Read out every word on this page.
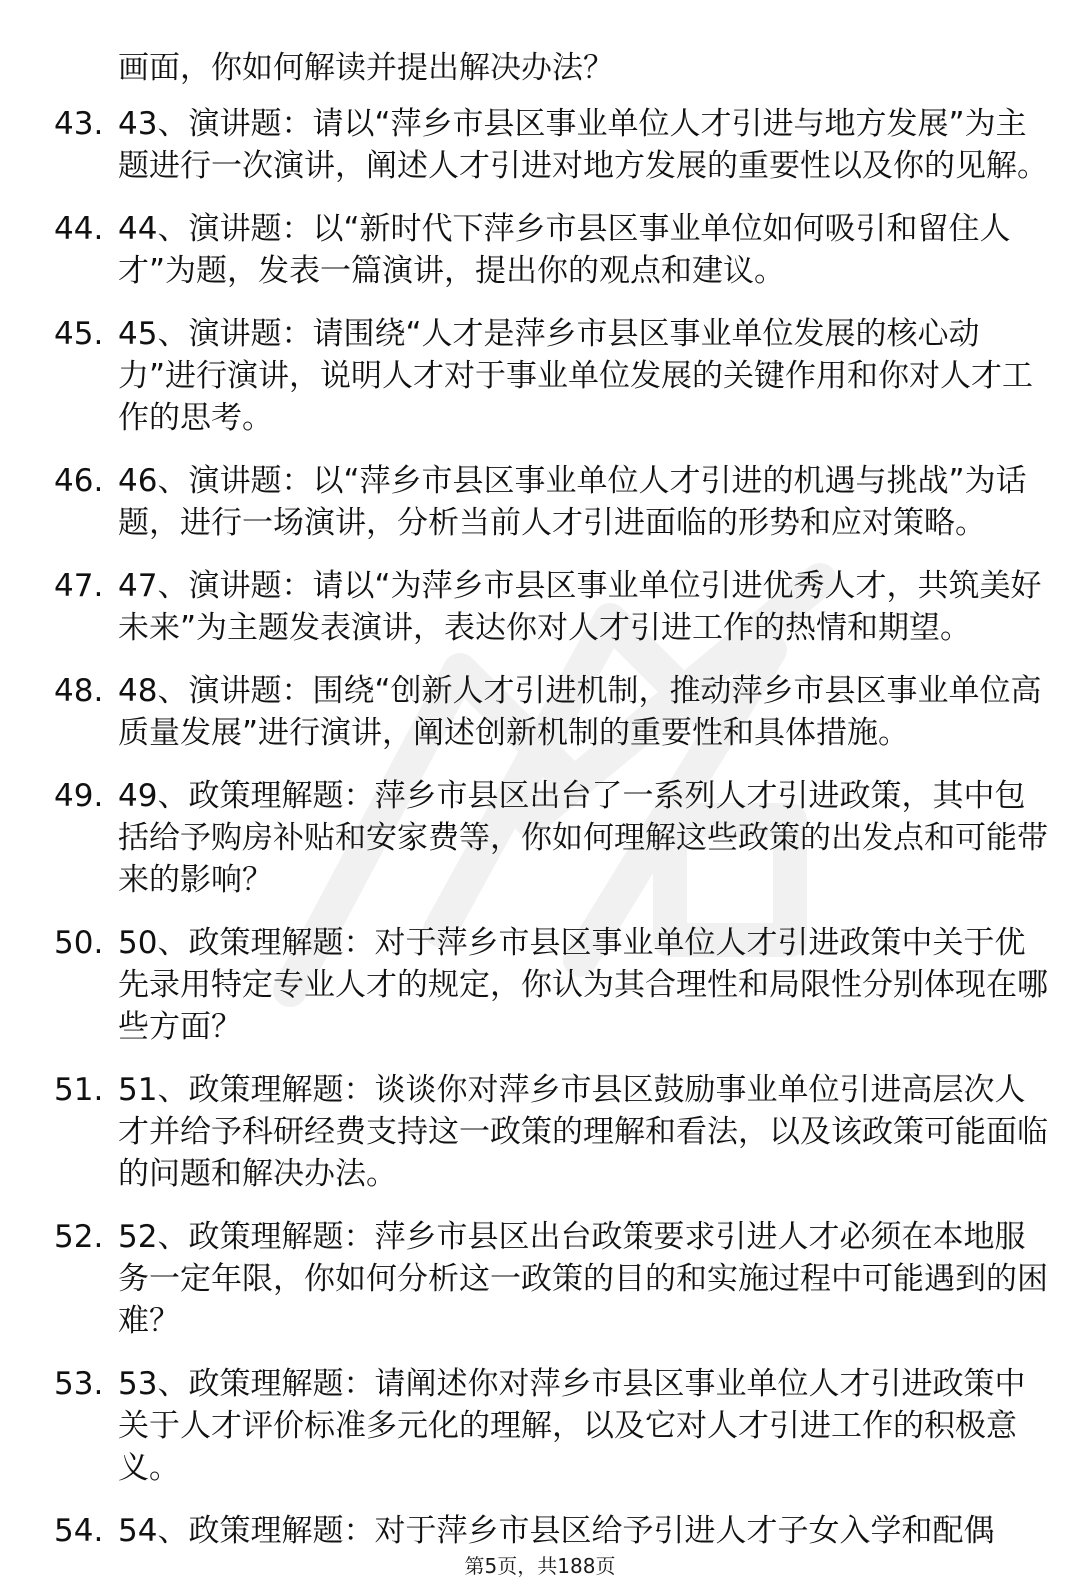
画面，你如何解读并提出解决办法？
43. 43、演讲题：请以“萍乡市县区事业单位人才引进与地方发展”为主题进行一次演讲，阐述人才引进对地方发展的重要性以及你的见解。
44. 44、演讲题：以“新时代下萍乡市县区事业单位如何吸引和留住人才”为题，发表一篇演讲，提出你的观点和建议。
45. 45、演讲题：请围绕“人才是萍乡市县区事业单位发展的核心动力”进行演讲，说明人才对于事业单位发展的关键作用和你对人才工作的思考。
46. 46、演讲题：以“萍乡市县区事业单位人才引进的机遇与挑战”为话题，进行一场演讲，分析当前人才引进面临的形势和应对策略。
47. 47、演讲题：请以“为萍乡市县区事业单位引进优秀人才，共筑美好未来”为主题发表演讲，表达你对人才引进工作的热情和期望。
48. 48、演讲题：围绕“创新人才引进机制，推动萍乡市县区事业单位高质量发展”进行演讲，阐述创新机制的重要性和具体措施。
49. 49、政策理解题：萍乡市县区出台了一系列人才引进政策，其中包括给予购房补贴和安家费等，你如何理解这些政策的出发点和可能带来的影响？
50. 50、政策理解题：对于萍乡市县区事业单位人才引进政策中关于优先录用特定专业人才的规定，你认为其合理性和局限性分别体现在哪些方面？
51. 51、政策理解题：谈谈你对萍乡市县区鼓励事业单位引进高层次人才并给予科研经费支持这一政策的理解和看法，以及该政策可能面临的问题和解决办法。
52. 52、政策理解题：萍乡市县区出台政策要求引进人才必须在本地服务一定年限，你如何分析这一政策的目的和实施过程中可能遇到的困难？
53. 53、政策理解题：请阐述你对萍乡市县区事业单位人才引进政策中关于人才评价标准多元化的理解，以及它对人才引进工作的积极意义。
54. 54、政策理解题：对于萍乡市县区给予引进人才子女入学和配偶
第5页，共188页
